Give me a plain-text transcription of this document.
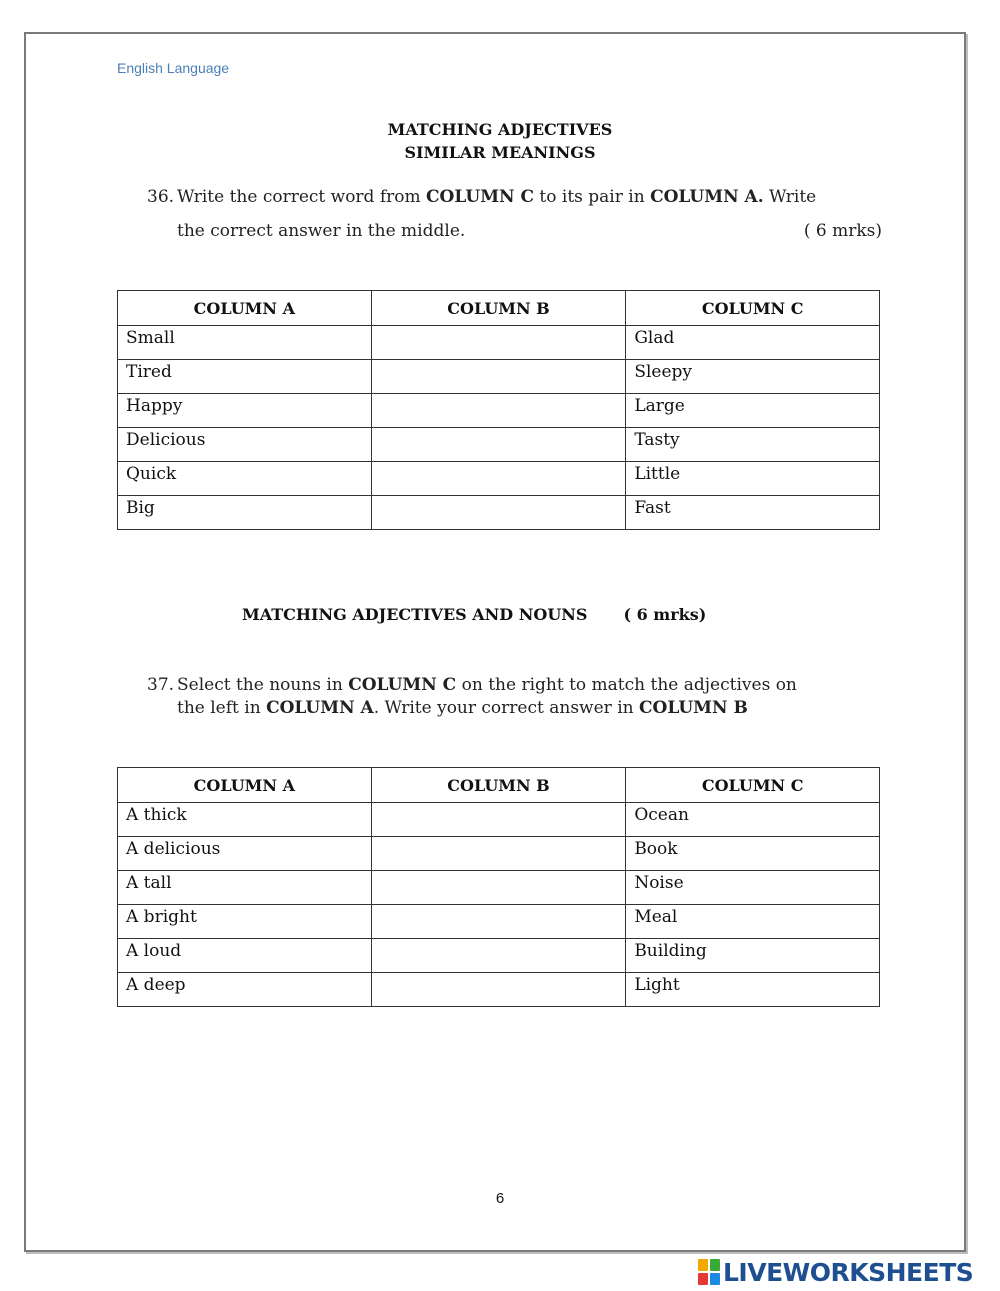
English Language
MATCHING ADJECTIVES
SIMILAR MEANINGS
36. Write the correct word from COLUMN C to its pair in COLUMN A. Write
the correct answer in the middle.	( 6 mrks)
COLUMN A	COLUMN B	COLUMN C
Small		Glad
Tired		Sleepy
Happy		Large
Delicious		Tasty
Quick		Little
Big		Fast
MATCHING ADJECTIVES AND NOUNS ( 6 mrks)
37. Select the nouns in COLUMN C on the right to match the adjectives on
the left in COLUMN A. Write your correct answer in COLUMN B
COLUMN A	COLUMN B	COLUMN C
A thick		Ocean
A delicious		Book
A tall		Noise
A bright		Meal
A loud		Building
A deep		Light
6
LIVEWORKSHEETS
